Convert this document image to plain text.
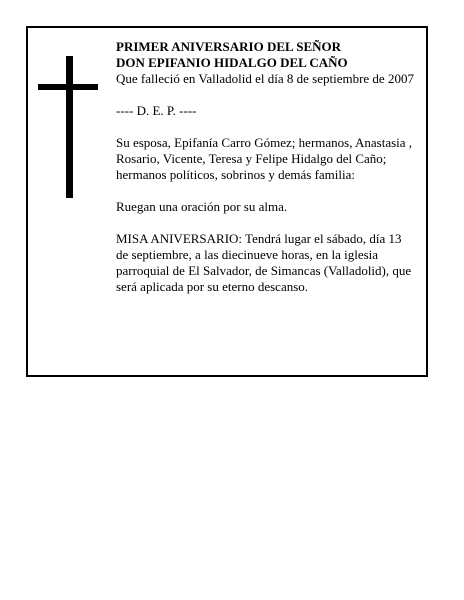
PRIMER ANIVERSARIO DEL SEÑOR

DON EPIFANIO HIDALGO DEL CAÑO

Que falleció en Valladolid el día 8 de septiembre de 2007

---- D. E. P. ----

Su esposa, Epifanía Carro Gómez; hermanos, Anastasia , Rosario, Vicente, Teresa y Felipe Hidalgo del Caño; hermanos políticos, sobrinos y demás familia:

Ruegan una oración por su alma.

MISA ANIVERSARIO: Tendrá lugar el sábado, día 13 de septiembre, a las diecinueve horas, en la iglesia parroquial de El Salvador, de Simancas (Valladolid), que será aplicada por su eterno descanso.
